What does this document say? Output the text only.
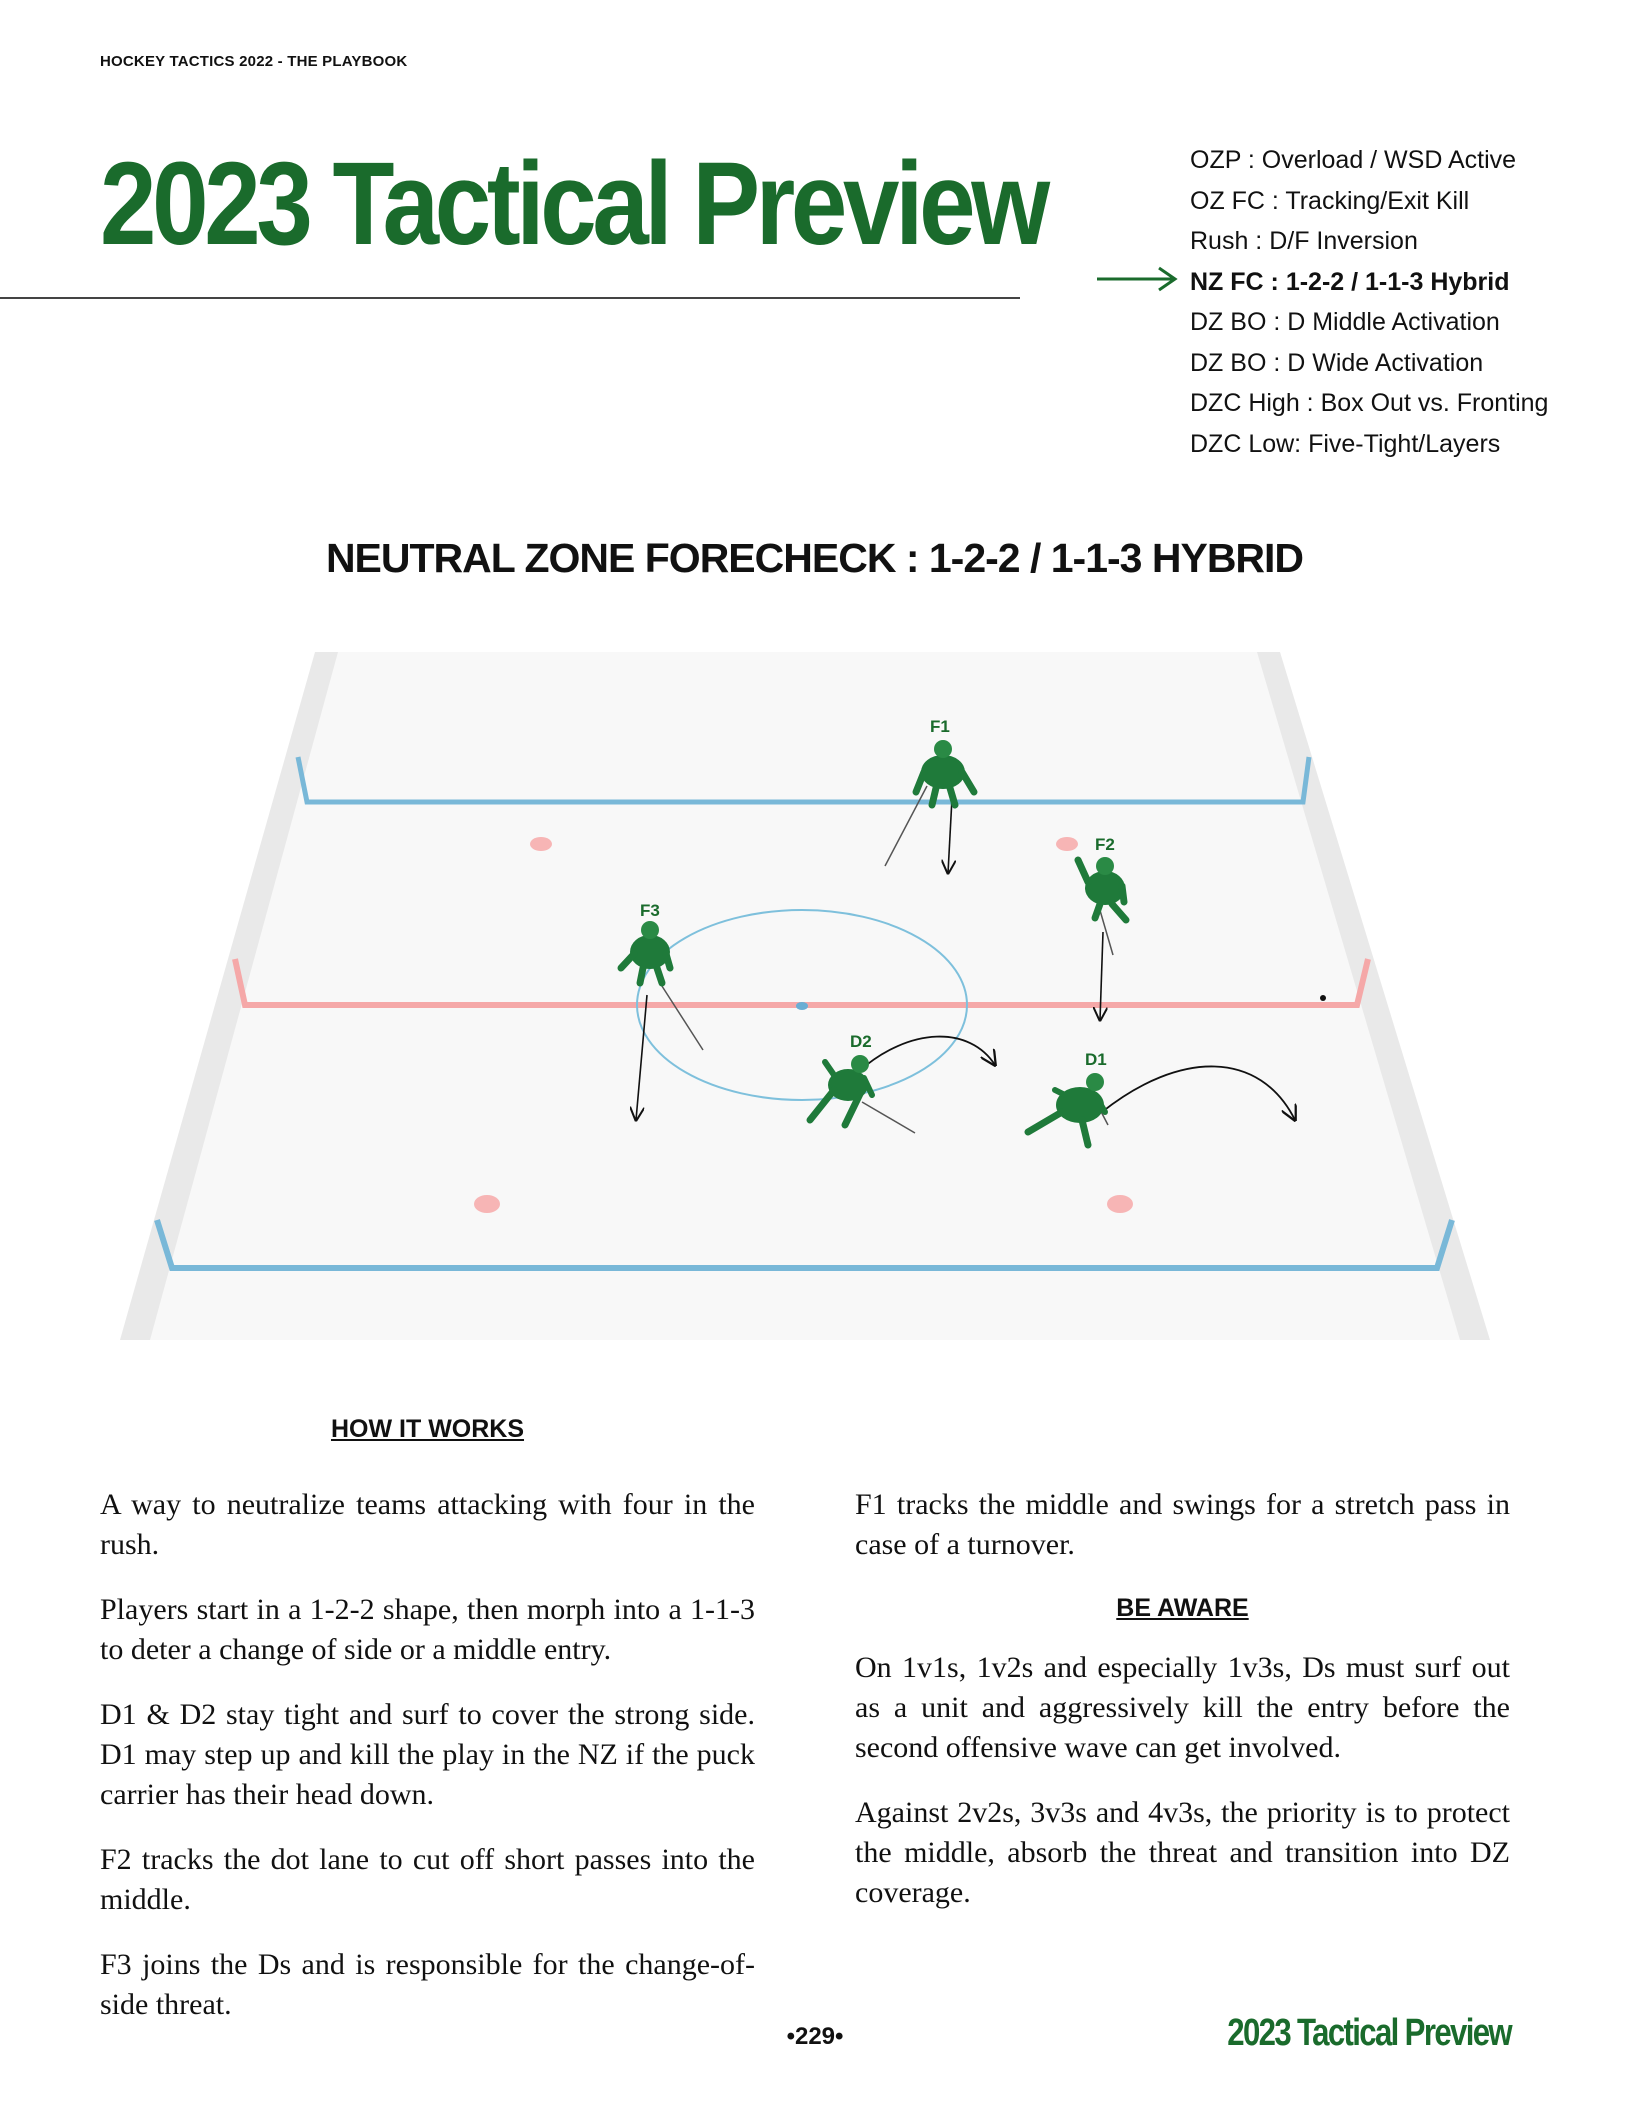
HOCKEY TACTICS 2022 - THE PLAYBOOK
2023 Tactical Preview	OZP : Overload / WSD Active
OZ FC : Tracking/Exit Kill
Rush : D/F Inversion
NZ FC : 1-2-2 / 1-1-3 Hybrid
DZ BO : D Middle Activation
DZ BO : D Wide Activation
DZC High : Box Out vs. Fronting
DZC Low: Five-Tight/Layers
NEUTRAL ZONE FORECHECK : 1-2-2 / 1-1-3 HYBRID
F1
F2
F3
D2
D1
HOW IT WORKS

A way to neutralize teams attacking with four in the rush.

Players start in a 1-2-2 shape, then morph into a 1-1-3 to deter a change of side or a middle entry.

D1 & D2 stay tight and surf to cover the strong side. D1 may step up and kill the play in the NZ if the puck carrier has their head down.

F2 tracks the dot lane to cut off short passes into the middle.

F3 joins the Ds and is responsible for the change-of-side threat.

F1 tracks the middle and swings for a stretch pass in case of a turnover.

BE AWARE

On 1v1s, 1v2s and especially 1v3s, Ds must surf out as a unit and aggressively kill the entry before the second offensive wave can get involved.

Against 2v2s, 3v3s and 4v3s, the priority is to protect the middle, absorb the threat and transition into DZ coverage.

•229•	2023 Tactical Preview
